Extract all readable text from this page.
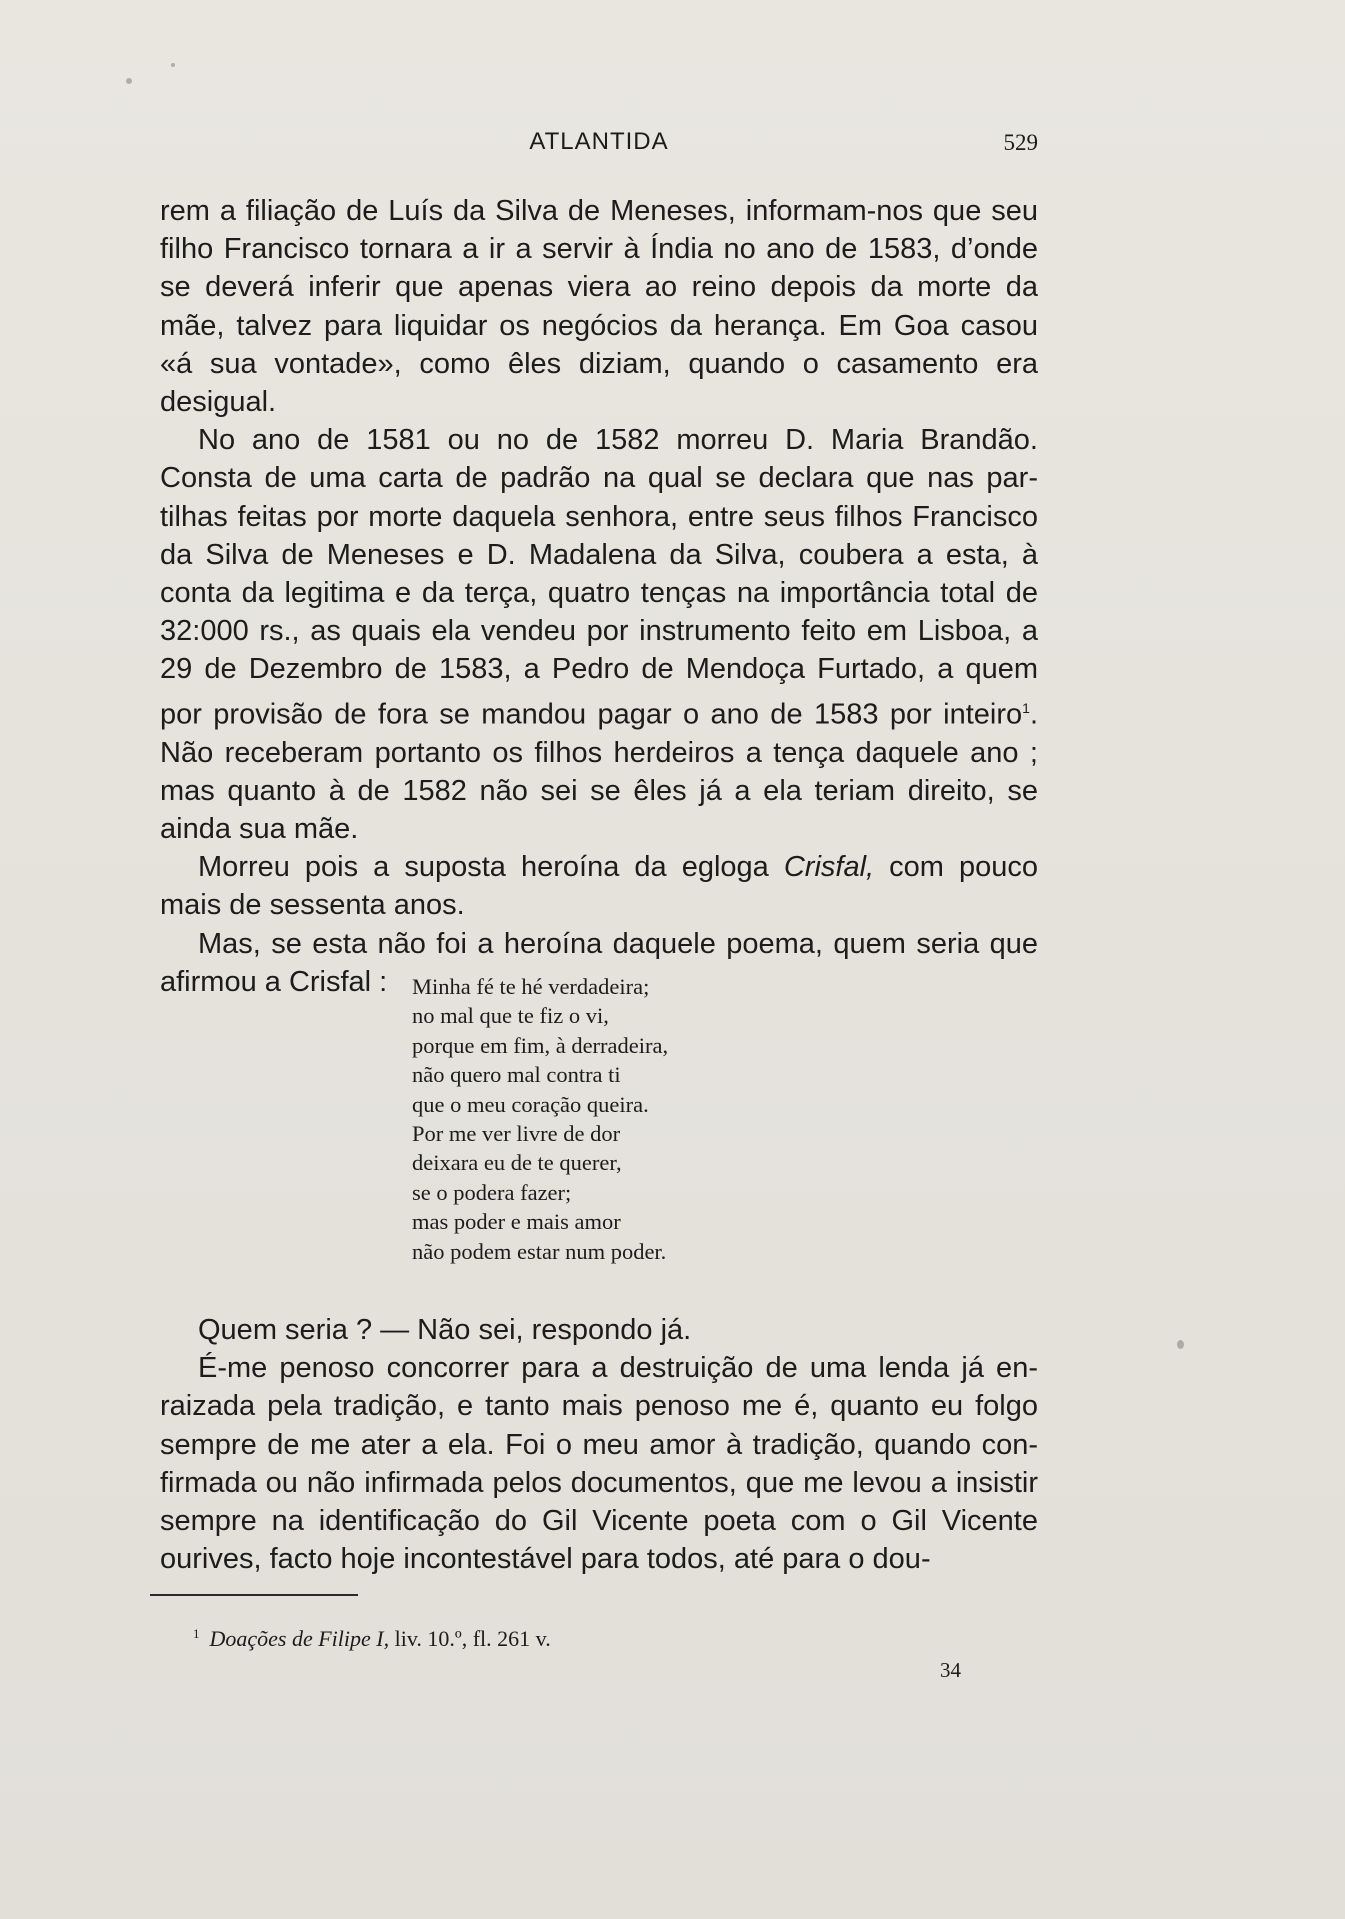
ATLANTIDA	529

rem a filiação de Luís da Silva de Meneses, informam-nos que seu filho Francisco tornara a ir a servir à Índia no ano de 1583, d’onde se deverá inferir que apenas viera ao reino depois da morte da mãe, talvez para liquidar os negócios da herança. Em Goa casou «á sua vontade», como êles diziam, quando o casamento era desigual.

No ano de 1581 ou no de 1582 morreu D. Maria Brandão. Consta de uma carta de padrão na qual se declara que nas partilhas feitas por morte daquela senhora, entre seus filhos Francisco da Silva de Meneses e D. Madalena da Silva, coubera a esta, à conta da legitima e da terça, quatro tenças na importância total de 32:000 rs., as quais ela vendeu por instrumento feito em Lisboa, a 29 de Dezembro de 1583, a Pedro de Mendoça Furtado, a quem por provisão de fora se mandou pagar o ano de 1583 por inteiro$^1$. Não receberam portanto os filhos herdeiros a tença daquele ano ; mas quanto à de 1582 não sei se êles já a ela teriam direito, se ainda sua mãe.

Morreu pois a suposta heroína da egloga Crisfal, com pouco mais de sessenta anos.

Mas, se esta não foi a heroína daquele poema, quem seria que afirmou a Crisfal :	Minha fé te hé verdadeira;
no mal que te fiz o vi,
porque em fim, à derradeira,
não quero mal contra ti
que o meu coração queira.
Por me ver livre de dor
deixara eu de te querer,
se o podera fazer;
mas poder e mais amor
não podem estar num poder.

Quem seria ? — Não sei, respondo já.

É-me penoso concorrer para a destruição de uma lenda já enraizada pela tradição, e tanto mais penoso me é, quanto eu folgo sempre de me ater a ela. Foi o meu amor à tradição, quando confirmada ou não infirmada pelos documentos, que me levou a insistir sempre na identificação do Gil Vicente poeta com o Gil Vicente ourives, facto hoje incontestável para todos, até para o dou-

$^1$ Doações de Filipe I, liv. 10.º, fl. 261 v.
34
